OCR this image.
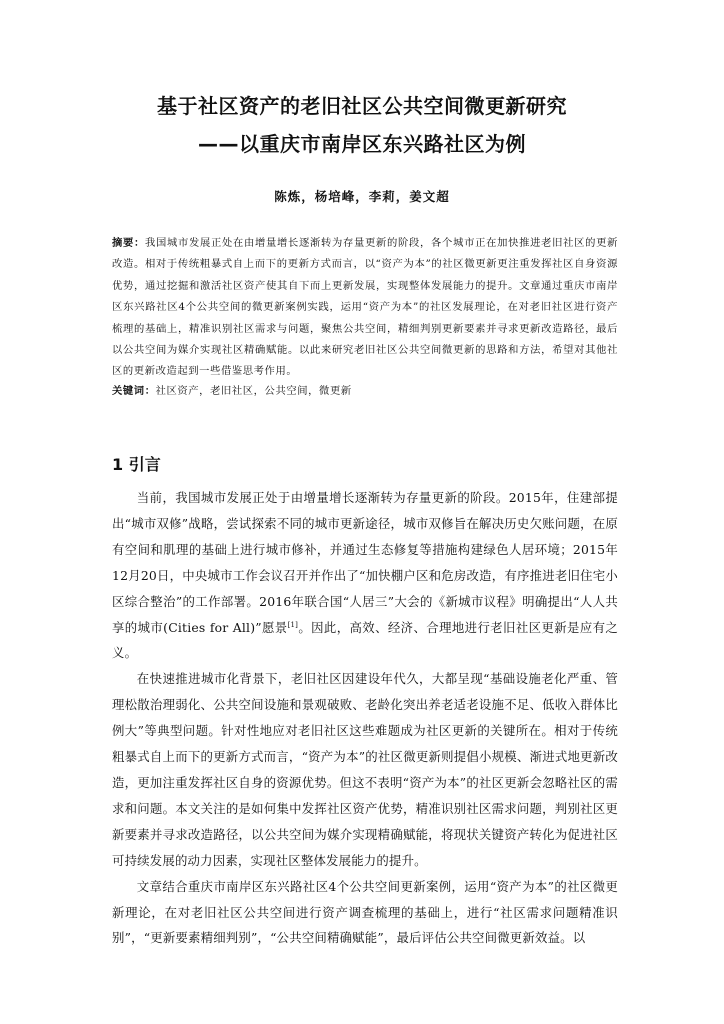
基于社区资产的老旧社区公共空间微更新研究
——以重庆市南岸区东兴路社区为例
陈炼，杨培峰，李莉，姜文超

摘要：我国城市发展正处在由增量增长逐渐转为存量更新的阶段，各个城市正在加快推进老旧社区的更新改造。相对于传统粗暴式自上而下的更新方式而言，以“资产为本”的社区微更新更注重发挥社区自身资源优势，通过挖掘和激活社区资产使其自下而上更新发展，实现整体发展能力的提升。文章通过重庆市南岸区东兴路社区4个公共空间的微更新案例实践，运用“资产为本”的社区发展理论，在对老旧社区进行资产梳理的基础上，精准识别社区需求与问题，聚焦公共空间，精细判别更新要素并寻求更新改造路径，最后以公共空间为媒介实现社区精确赋能。以此来研究老旧社区公共空间微更新的思路和方法，希望对其他社区的更新改造起到一些借鉴思考作用。

关键词：社区资产，老旧社区，公共空间，微更新

1 引言

当前，我国城市发展正处于由增量增长逐渐转为存量更新的阶段。2015年，住建部提出“城市双修”战略，尝试探索不同的城市更新途径，城市双修旨在解决历史欠账问题，在原有空间和肌理的基础上进行城市修补，并通过生态修复等措施构建绿色人居环境；2015年12月20日，中央城市工作会议召开并作出了“加快棚户区和危房改造，有序推进老旧住宅小区综合整治”的工作部署。2016年联合国“人居三”大会的《新城市议程》明确提出“人人共享的城市(Cities for All)”愿景[1]。因此，高效、经济、合理地进行老旧社区更新是应有之义。

在快速推进城市化背景下，老旧社区因建设年代久，大都呈现“基础设施老化严重、管理松散治理弱化、公共空间设施和景观破败、老龄化突出养老适老设施不足、低收入群体比例大”等典型问题。针对性地应对老旧社区这些难题成为社区更新的关键所在。相对于传统粗暴式自上而下的更新方式而言，“资产为本”的社区微更新则提倡小规模、渐进式地更新改造，更加注重发挥社区自身的资源优势。但这不表明“资产为本”的社区更新会忽略社区的需求和问题。本文关注的是如何集中发挥社区资产优势，精准识别社区需求问题，判别社区更新要素并寻求改造路径，以公共空间为媒介实现精确赋能，将现状关键资产转化为促进社区可持续发展的动力因素，实现社区整体发展能力的提升。

文章结合重庆市南岸区东兴路社区4个公共空间更新案例，运用“资产为本”的社区微更新理论，在对老旧社区公共空间进行资产调查梳理的基础上，进行“社区需求问题精准识别”，“更新要素精细判别”，“公共空间精确赋能”，最后评估公共空间微更新效益。以
